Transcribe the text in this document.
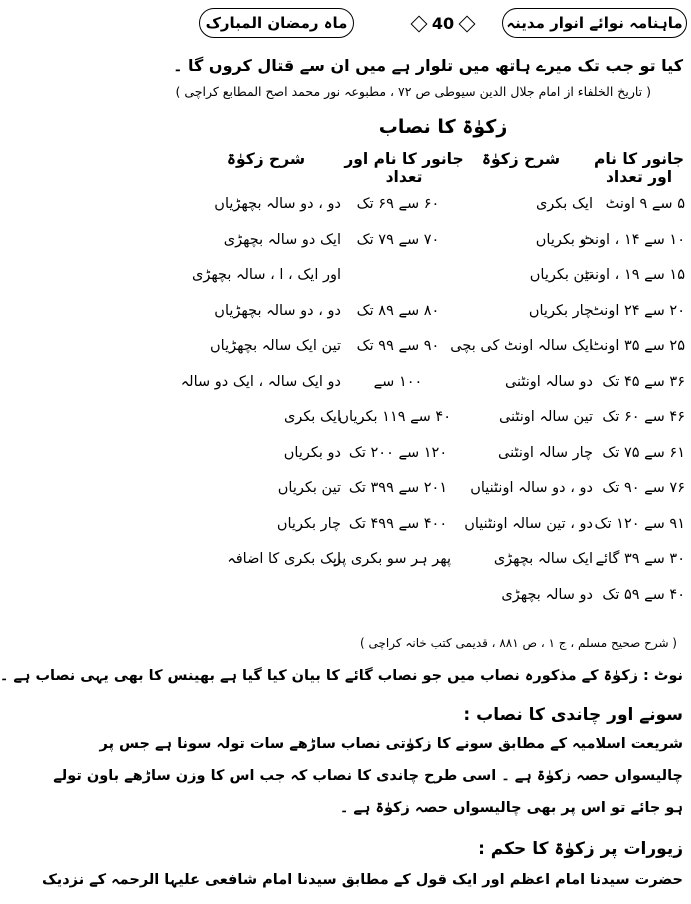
ماہنامہ نوائے انوار مدینہ
40
ماہ رمضان المبارک
کیا تو جب تک میرے ہاتھ میں تلوار ہے میں ان سے قتال کروں گا ۔
( تاریخ الخلفاء از امام جلال الدین سیوطی ص ٧٢ ، مطبوعہ نور محمد اصح المطابع کراچی )
زکوٰۃ کا نصاب
جانور کا نام اور تعداد
شرح زکوٰۃ
جانور کا نام اور تعداد
شرح زکوٰۃ
۵ سے ۹ اونٹ
ایک بکری
۶۰ سے ۶۹ تک
دو ، دو سالہ بچھڑیاں
۱۰ سے ۱۴ ، اونٹ
دو بکریاں
۷۰ سے ۷۹ تک
ایک دو سالہ بچھڑی
۱۵ سے ۱۹ ، اونٹ
تین بکریاں
اور ایک ، ا ، سالہ بچھڑی
۲۰ سے ۲۴ اونٹ
چار بکریاں
۸۰ سے ۸۹ تک
دو ، دو سالہ بچھڑیاں
۲۵ سے ۳۵ اونٹ
ایک سالہ اونٹ کی بچی
۹۰ سے ۹۹ تک
تین ایک سالہ بچھڑیاں
۳۶ سے ۴۵ تک
دو سالہ اونٹنی
۱۰۰ سے
دو ایک سالہ ، ایک دو سالہ
۴۶ سے ۶۰ تک
تین سالہ اونٹنی
۴۰ سے ۱۱۹ بکریاں
ایک بکری
۶۱ سے ۷۵ تک
چار سالہ اونٹنی
۱۲۰ سے ۲۰۰ تک
دو بکریاں
۷۶ سے ۹۰ تک
دو ، دو سالہ اونٹنیاں
۲۰۱ سے ۳۹۹ تک
تین بکریاں
۹۱ سے ۱۲۰ تک
دو ، تین سالہ اونٹنیاں
۴۰۰ سے ۴۹۹ تک
چار بکریاں
۳۰ سے ۳۹ گائے
ایک سالہ بچھڑی
پھر ہر سو بکری پر
ایک بکری کا اضافہ
۴۰ سے ۵۹ تک
دو سالہ بچھڑی
( شرح صحیح مسلم ، ج ۱ ، ص ۸۸۱ ، قدیمی کتب خانہ کراچی )
نوٹ : زکوٰۃ کے مذکورہ نصاب میں جو نصاب گائے کا بیان کیا گیا ہے بھینس کا بھی یہی نصاب ہے ۔
سونے اور چاندی کا نصاب :
شریعت اسلامیہ کے مطابق سونے کا زکوٰتی نصاب ساڑھے سات تولہ سونا ہے جس پر
چالیسواں حصہ زکوٰۃ ہے ۔ اسی طرح چاندی کا نصاب کہ جب اس کا وزن ساڑھے باون تولے
ہو جائے تو اس پر بھی چالیسواں حصہ زکوٰۃ ہے ۔
زیورات پر زکوٰۃ کا حکم :
حضرت سیدنا امام اعظم اور ایک قول کے مطابق سیدنا امام شافعی علیہا الرحمہ کے نزدیک
